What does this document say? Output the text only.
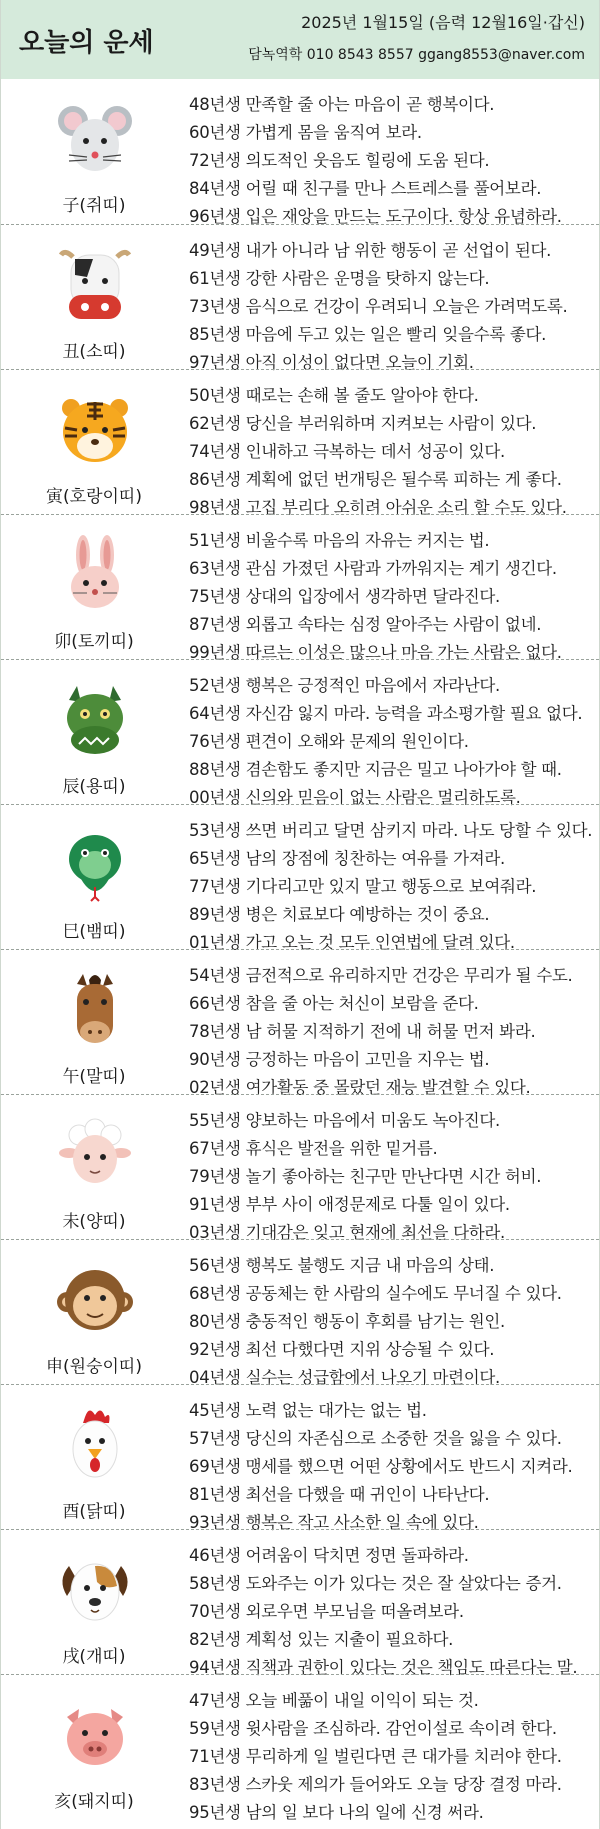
오늘의 운세
2025년 1월15일 (음력 12월16일·갑신)
담녹역학 010 8543 8557 ggang8553@naver.com
子(쥐띠)
48년생 만족할 줄 아는 마음이 곧 행복이다.
60년생 가볍게 몸을 움직여 보라.
72년생 의도적인 웃음도 힐링에 도움 된다.
84년생 어릴 때 친구를 만나 스트레스를 풀어보라.
96년생 입은 재앙을 만드는 도구이다. 항상 유념하라.
丑(소띠)
49년생 내가 아니라 남 위한 행동이 곧 선업이 된다.
61년생 강한 사람은 운명을 탓하지 않는다.
73년생 음식으로 건강이 우려되니 오늘은 가려먹도록.
85년생 마음에 두고 있는 일은 빨리 잊을수록 좋다.
97년생 아직 이성이 없다면 오늘이 기회.
寅(호랑이띠)
50년생 때로는 손해 볼 줄도 알아야 한다.
62년생 당신을 부러워하며 지켜보는 사람이 있다.
74년생 인내하고 극복하는 데서 성공이 있다.
86년생 계획에 없던 번개팅은 될수록 피하는 게 좋다.
98년생 고집 부리다 오히려 아쉬운 소리 할 수도 있다.
卯(토끼띠)
51년생 비울수록 마음의 자유는 커지는 법.
63년생 관심 가졌던 사람과 가까워지는 계기 생긴다.
75년생 상대의 입장에서 생각하면 달라진다.
87년생 외롭고 속타는 심정 알아주는 사람이 없네.
99년생 따르는 이성은 많으나 마음 가는 사람은 없다.
辰(용띠)
52년생 행복은 긍정적인 마음에서 자라난다.
64년생 자신감 잃지 마라. 능력을 과소평가할 필요 없다.
76년생 편견이 오해와 문제의 원인이다.
88년생 겸손함도 좋지만 지금은 밀고 나아가야 할 때.
00년생 신의와 믿음이 없는 사람은 멀리하도록.
巳(뱀띠)
53년생 쓰면 버리고 달면 삼키지 마라. 나도 당할 수 있다.
65년생 남의 장점에 칭찬하는 여유를 가져라.
77년생 기다리고만 있지 말고 행동으로 보여줘라.
89년생 병은 치료보다 예방하는 것이 중요.
01년생 가고 오는 것 모두 인연법에 달려 있다.
午(말띠)
54년생 금전적으로 유리하지만 건강은 무리가 될 수도.
66년생 참을 줄 아는 처신이 보람을 준다.
78년생 남 허물 지적하기 전에 내 허물 먼저 봐라.
90년생 긍정하는 마음이 고민을 지우는 법.
02년생 여가활동 중 몰랐던 재능 발견할 수 있다.
未(양띠)
55년생 양보하는 마음에서 미움도 녹아진다.
67년생 휴식은 발전을 위한 밑거름.
79년생 놀기 좋아하는 친구만 만난다면 시간 허비.
91년생 부부 사이 애정문제로 다툴 일이 있다.
03년생 기대감은 잊고 현재에 최선을 다하라.
申(원숭이띠)
56년생 행복도 불행도 지금 내 마음의 상태.
68년생 공동체는 한 사람의 실수에도 무너질 수 있다.
80년생 충동적인 행동이 후회를 남기는 원인.
92년생 최선 다했다면 지위 상승될 수 있다.
04년생 실수는 성급함에서 나오기 마련이다.
酉(닭띠)
45년생 노력 없는 대가는 없는 법.
57년생 당신의 자존심으로 소중한 것을 잃을 수 있다.
69년생 맹세를 했으면 어떤 상황에서도 반드시 지켜라.
81년생 최선을 다했을 때 귀인이 나타난다.
93년생 행복은 작고 사소한 일 속에 있다.
戌(개띠)
46년생 어려움이 닥치면 정면 돌파하라.
58년생 도와주는 이가 있다는 것은 잘 살았다는 증거.
70년생 외로우면 부모님을 떠올려보라.
82년생 계획성 있는 지출이 필요하다.
94년생 직책과 권한이 있다는 것은 책임도 따른다는 말.
亥(돼지띠)
47년생 오늘 베풂이 내일 이익이 되는 것.
59년생 윗사람을 조심하라. 감언이설로 속이려 한다.
71년생 무리하게 일 벌린다면 큰 대가를 치러야 한다.
83년생 스카웃 제의가 들어와도 오늘 당장 결정 마라.
95년생 남의 일 보다 나의 일에 신경 써라.
